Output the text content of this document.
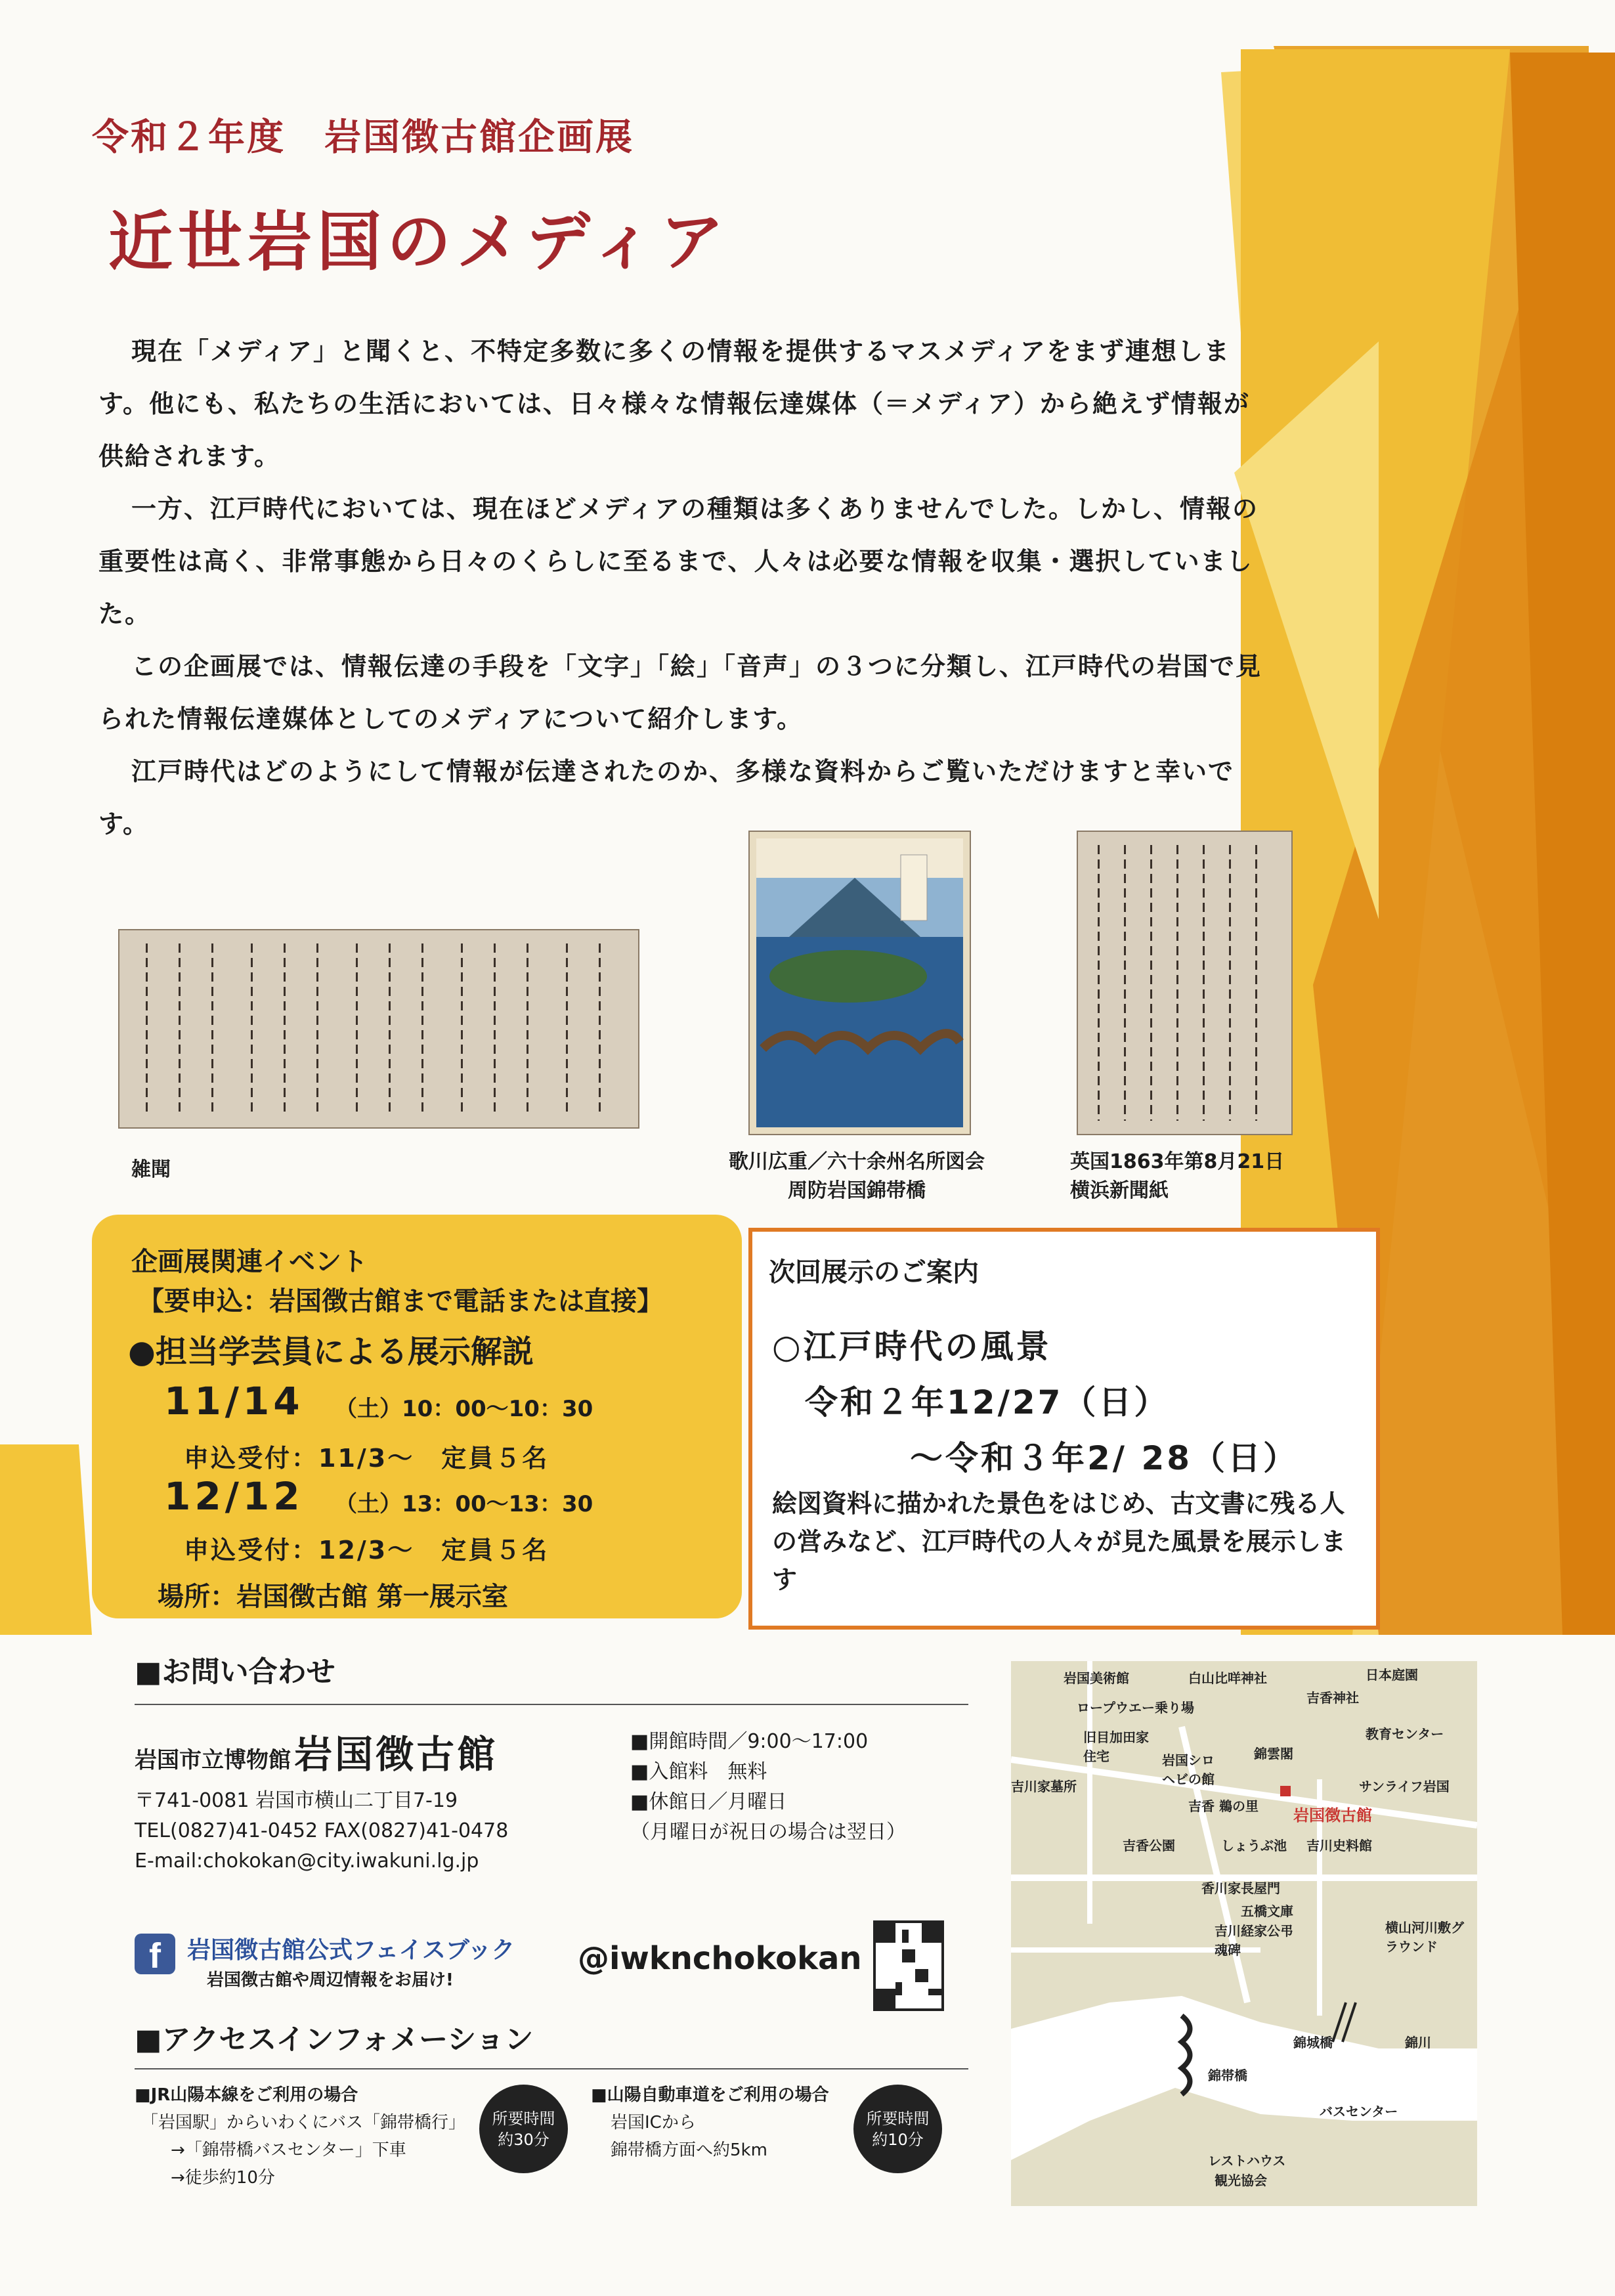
令和２年度　岩国徴古館企画展
近世岩国のメディア

現在「メディア」と聞くと、不特定多数に多くの情報を提供するマスメディアをまず連想します。他にも、私たちの生活においては、日々様々な情報伝達媒体（＝メディア）から絶えず情報が供給されます。

一方、江戸時代においては、現在ほどメディアの種類は多くありませんでした。しかし、情報の重要性は高く、非常事態から日々のくらしに至るまで、人々は必要な情報を収集・選択していました。

この企画展では、情報伝達の手段を「文字」「絵」「音声」の３つに分類し、江戸時代の岩国で見られた情報伝達媒体としてのメディアについて紹介します。

江戸時代はどのようにして情報が伝達されたのか、多様な資料からご覧いただけますと幸いです。

雑聞	歌川広重／六十余州名所図会
周防岩国錦帯橋
英国1863年第8月21日
横浜新聞紙
企画展関連イベント
【要申込：岩国徴古館まで電話または直接】
●担当学芸員による展示解説
11/14 （土）10：00〜10：30
申込受付：11/3〜　定員５名
12/12 （土）13：00〜13：30
申込受付：12/3〜　定員５名
場所：岩国徴古館 第一展示室
次回展示のご案内
○江戸時代の風景
令和２年12/27（日）
〜令和３年2/ 28（日）
絵図資料に描かれた景色をはじめ、古文書に残る人の営みなど、江戸時代の人々が見た風景を展示します
■お問い合わせ
岩国市立博物館 岩国徴古館
〒741-0081 岩国市横山二丁目7-19
TEL(0827)41-0452 FAX(0827)41-0478
E-mail:chokokan@city.iwakuni.lg.jp
■開館時間／9:00〜17:00
■入館料　無料
■休館日／月曜日
（月曜日が祝日の場合は翌日）
f	岩国徴古館公式フェイスブック
岩国徴古館や周辺情報をお届け!
@iwknchokokan
■アクセスインフォメーション
■JR山陽本線をご利用の場合
「岩国駅」からいわくにバス「錦帯橋行」
→「錦帯橋バスセンター」下車
→徒歩約10分
所要時間
約30分
■山陽自動車道をご利用の場合
岩国ICから
錦帯橋方面へ約5km
所要時間
約10分
岩国美術館	白山比咩神社	日本庭園
吉香神社
ロープウエー乗り場
教育センター
旧目加田家住宅	岩国シロヘビの館
錦雲閣
吉川家墓所	サンライフ岩国
吉香 鵜の里 岩国徴古館
吉香公園	しょうぶ池 吉川史料館
香川家長屋門
五橋文庫
吉川経家公弔魂碑
横山河川敷グラウンド
錦城橋	錦川
錦帯橋
バスセンター
レストハウス
観光協会
